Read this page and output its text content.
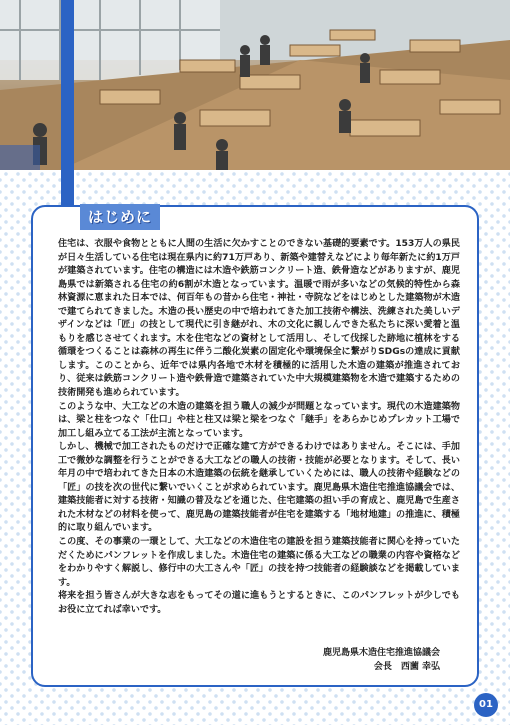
はじめに

住宅は、衣服や食物とともに人間の生活に欠かすことのできない基礎的要素です。153万人の県民が日々生活している住宅は現在県内に約71万戸あり、新築や建替えなどにより毎年新たに約1万戸が建築されています。住宅の構造には木造や鉄筋コンクリート造、鉄骨造などがありますが、鹿児島県では新築される住宅の約6割が木造となっています。温暖で雨が多いなどの気候的特性から森林資源に恵まれた日本では、何百年もの昔から住宅・神社・寺院などをはじめとした建築物が木造で建てられてきました。木造の長い歴史の中で培われてきた加工技術や構法、洗練された美しいデザインなどは「匠」の技として現代に引き継がれ、木の文化に親しんできた私たちに深い愛着と温もりを感じさせてくれます。木を住宅などの資材として活用し、そして伐採した跡地に植林をする循環をつくることは森林の再生に伴う二酸化炭素の固定化や環境保全に繋がりSDGsの達成に貢献します。このことから、近年では県内各地で木材を積極的に活用した木造の建築が推進されており、従来は鉄筋コンクリート造や鉄骨造で建築されていた中大規模建築物を木造で建築するための技術開発も進められています。

このような中、大工などの木造の建築を担う職人の減少が問題となっています。現代の木造建築物は、梁と柱をつなぐ「仕口」や柱と柱又は梁と梁をつなぐ「継手」をあらかじめプレカット工場で加工し組み立てる工法が主流となっています。

しかし、機械で加工されたものだけで正確な建て方ができるわけではありません。そこには、手加工で微妙な調整を行うことができる大工などの職人の技術・技能が必要となります。そして、長い年月の中で培われてきた日本の木造建築の伝統を継承していくためには、職人の技術や経験などの「匠」の技を次の世代に繋いでいくことが求められています。鹿児島県木造住宅推進協議会では、建築技能者に対する技術・知識の普及などを通じた、住宅建築の担い手の育成と、鹿児島で生産された木材などの材料を使って、鹿児島の建築技能者が住宅を建築する「地材地建」の推進に、積極的に取り組んでいます。

この度、その事業の一環として、大工などの木造住宅の建設を担う建築技能者に関心を持っていただくためにパンフレットを作成しました。木造住宅の建築に係る大工などの職業の内容や資格などをわかりやすく解説し、修行中の大工さんや「匠」の技を持つ技能者の経験談などを掲載しています。

将来を担う皆さんが大きな志をもってその道に進もうとするときに、このパンフレットが少しでもお役に立てれば幸いです。

鹿児島県木造住宅推進協議会
会長　西薗 幸弘
01
